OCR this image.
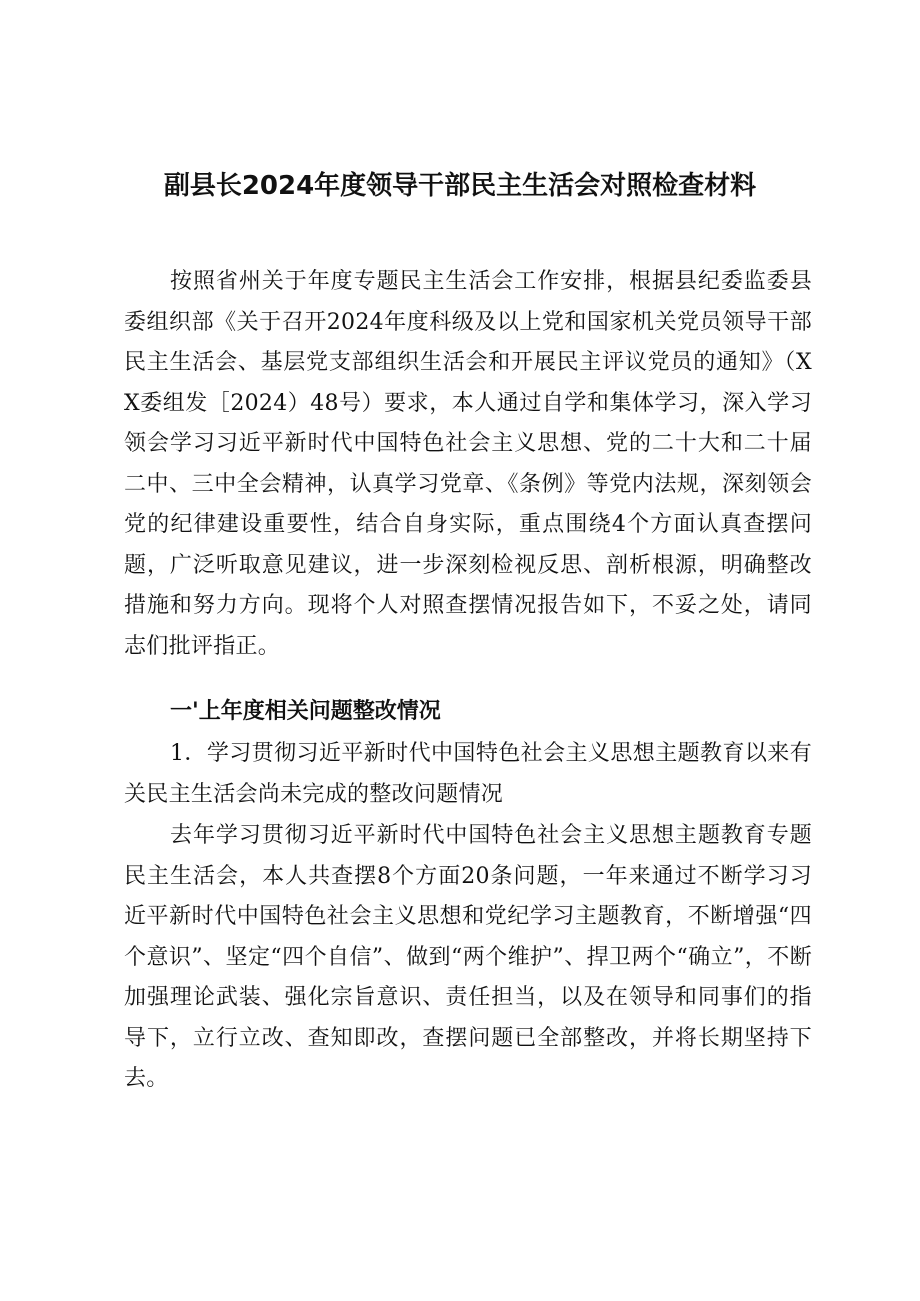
副县长2024年度领导干部民主生活会对照检查材料

按照省州关于年度专题民主生活会工作安排，根据县纪委监委县委组织部《关于召开2024年度科级及以上党和国家机关党员领导干部民主生活会、基层党支部组织生活会和开展民主评议党员的通知》（XX委组发［2024）48号）要求，本人通过自学和集体学习，深入学习领会学习习近平新时代中国特色社会主义思想、党的二十大和二十届二中、三中全会精神，认真学习党章、《条例》等党内法规，深刻领会党的纪律建设重要性，结合自身实际，重点围绕4个方面认真查摆问题，广泛听取意见建议，进一步深刻检视反思、剖析根源，明确整改措施和努力方向。现将个人对照查摆情况报告如下，不妥之处，请同志们批评指正。

一'上年度相关问题整改情况

1．学习贯彻习近平新时代中国特色社会主义思想主题教育以来有关民主生活会尚未完成的整改问题情况

去年学习贯彻习近平新时代中国特色社会主义思想主题教育专题民主生活会，本人共查摆8个方面20条问题，一年来通过不断学习习近平新时代中国特色社会主义思想和党纪学习主题教育，不断增强“四个意识”、坚定“四个自信”、做到“两个维护”、捍卫两个“确立”，不断加强理论武装、强化宗旨意识、责任担当，以及在领导和同事们的指导下，立行立改、查知即改，查摆问题已全部整改，并将长期坚持下去。
